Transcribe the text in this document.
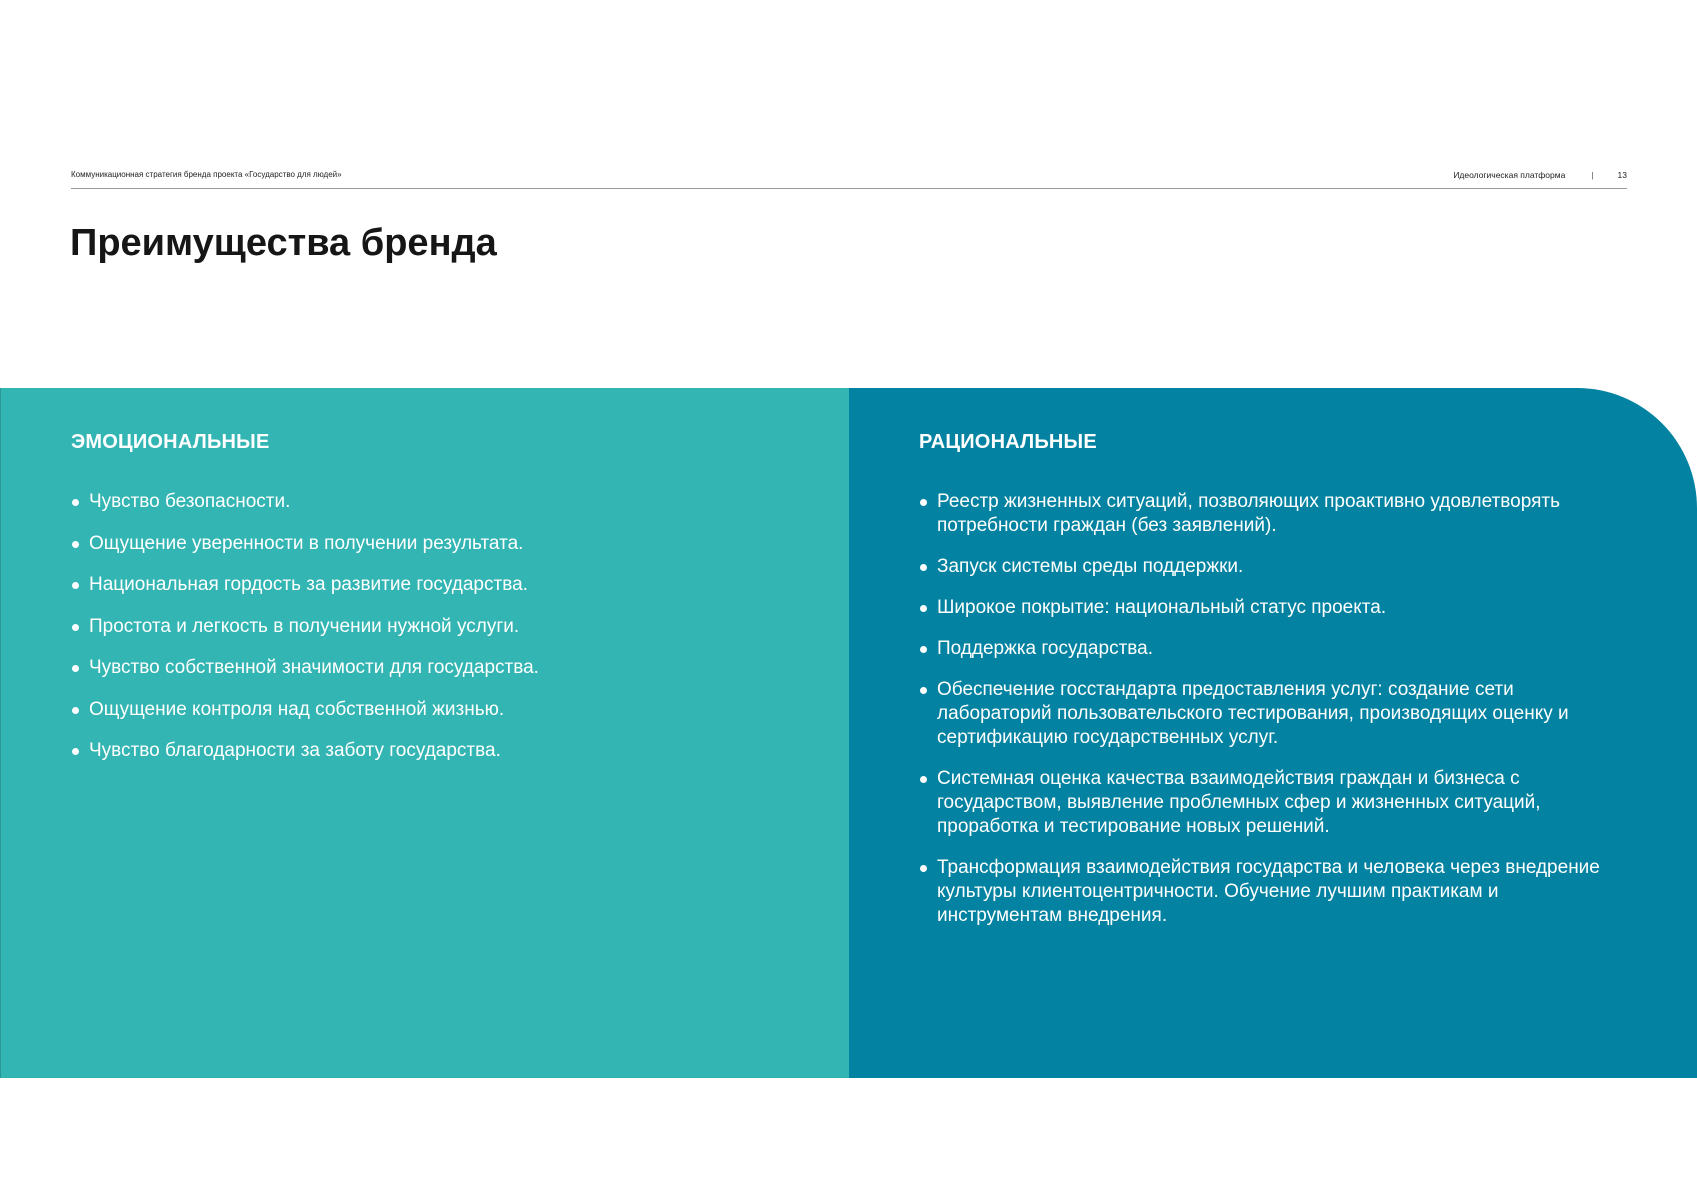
Коммуникационная стратегия бренда проекта «Государство для людей»	Идеологическая платформа	|	13
Преимущества бренда
ЭМОЦИОНАЛЬНЫЕ
Чувство безопасности.
Ощущение уверенности в получении результата.
Национальная гордость за развитие государства.
Простота и легкость в получении нужной услуги.
Чувство собственной значимости для государства.
Ощущение контроля над собственной жизнью.
Чувство благодарности за заботу государства.
РАЦИОНАЛЬНЫЕ
Реестр жизненных ситуаций, позволяющих проактивно удовлетворять потребности граждан (без заявлений).
Запуск системы среды поддержки.
Широкое покрытие: национальный статус проекта.
Поддержка государства.
Обеспечение госстандарта предоставления услуг: создание сети лабораторий пользовательского тестирования, производящих оценку и сертификацию государственных услуг.
Системная оценка качества взаимодействия граждан и бизнеса с государством, выявление проблемных сфер и жизненных ситуаций, проработка и тестирование новых решений.
Трансформация взаимодействия государства и человека через внедрение культуры клиентоцентричности. Обучение лучшим практикам и инструментам внедрения.
